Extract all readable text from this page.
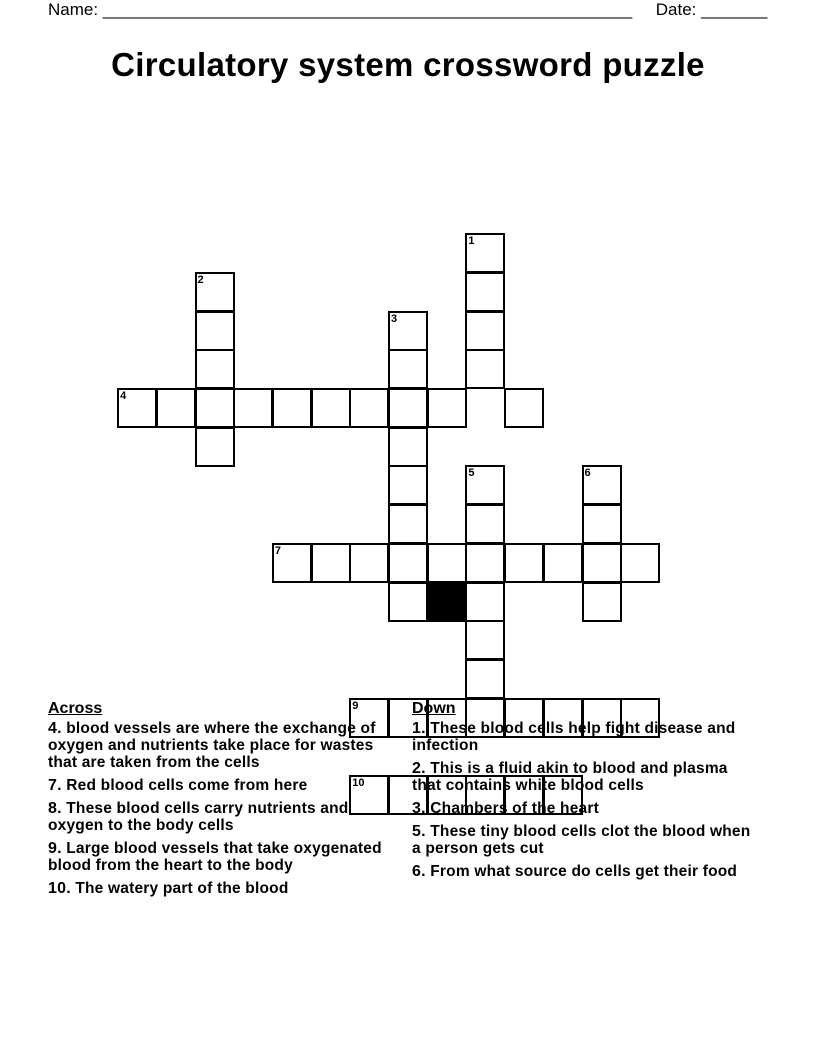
Name: ________________________________________________________ Date: _______
Circulatory system crossword puzzle
1
2
3
4
5	6
7
9
10
Across
4. blood vessels are where the exchange of oxygen and nutrients take place for wastes that are taken from the cells
7. Red blood cells come from here
8. These blood cells carry nutrients and oxygen to the body cells
9. Large blood vessels that take oxygenated blood from the heart to the body
10. The watery part of the blood
Down
1. These blood cells help fight disease and infection
2. This is a fluid akin to blood and plasma that contains white blood cells
3. Chambers of the heart
5. These tiny blood cells clot the blood when a person gets cut
6. From what source do cells get their food
